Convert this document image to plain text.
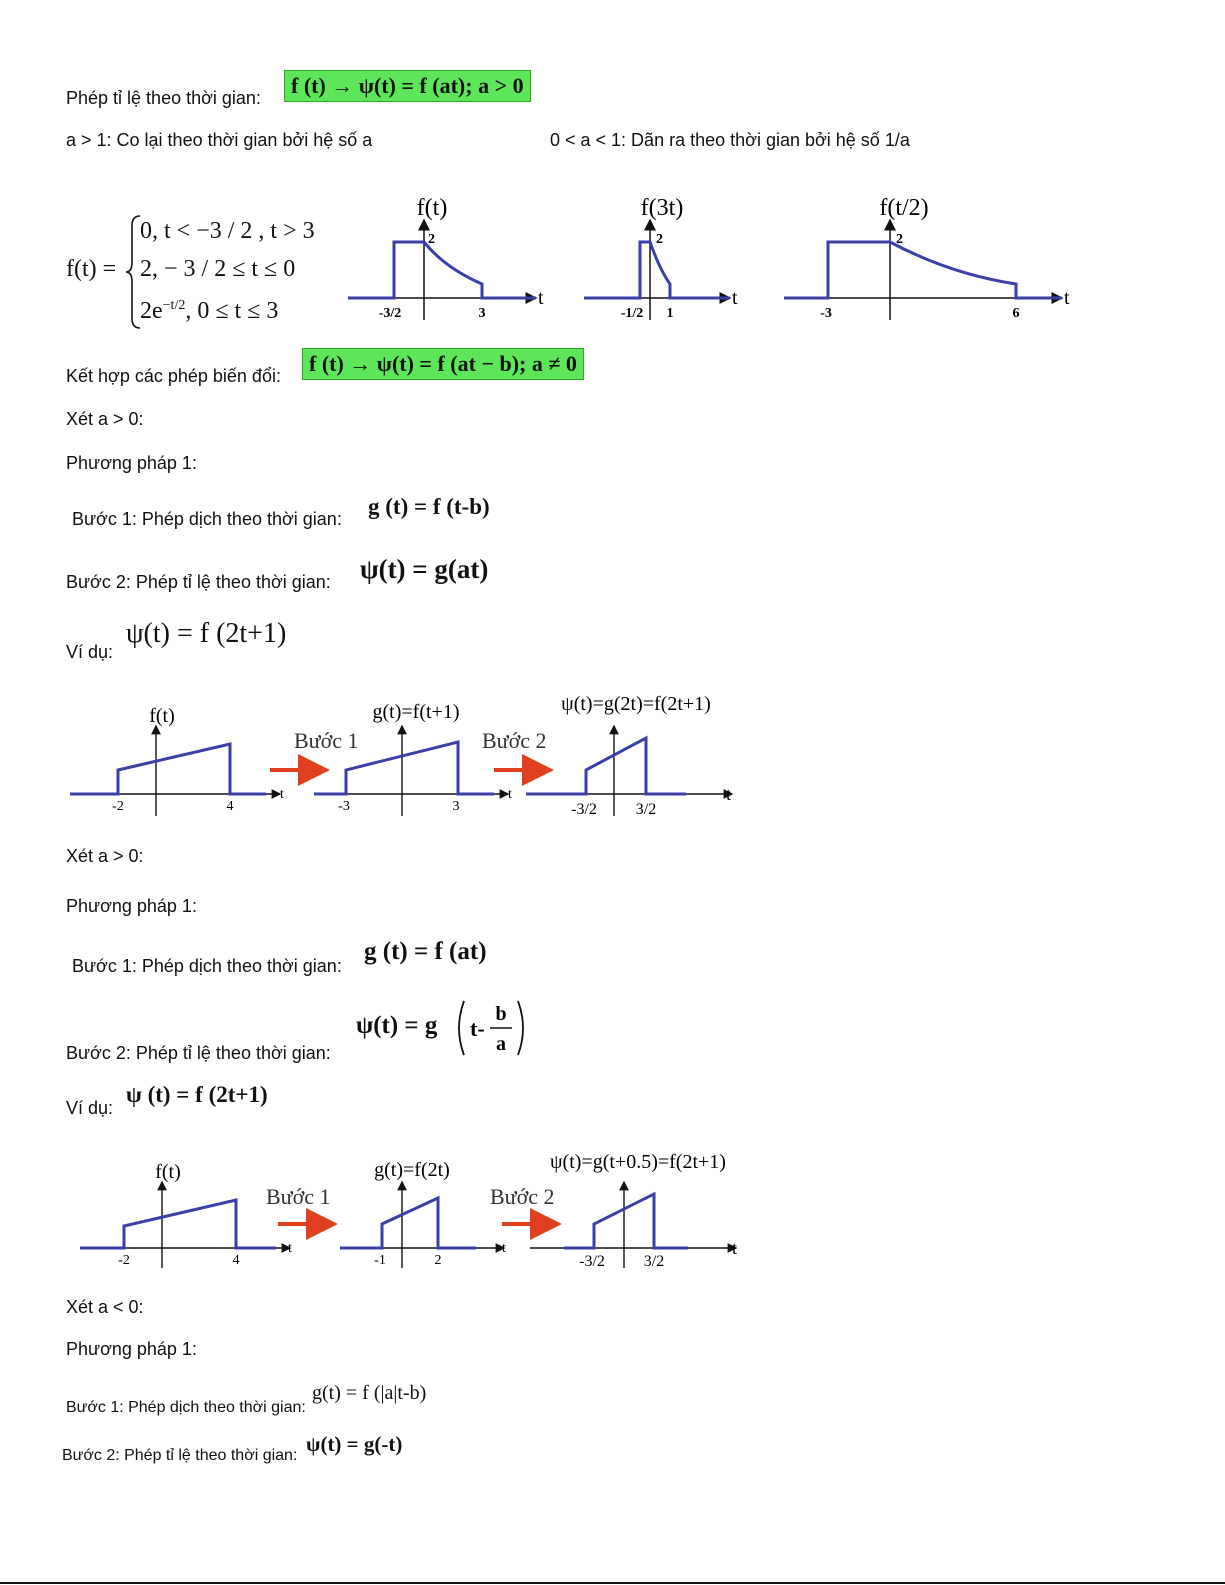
Phép tỉ lệ theo thời gian:	f (t) → ψ(t) = f (at); a > 0
a > 1: Co lại theo thời gian bởi hệ số a	0 < a < 1: Dãn ra theo thời gian bởi hệ số 1/a
f(t) =
0, t < −3 / 2 , t > 3
2, − 3 / 2 ≤ t ≤ 0
$2e^{-t/2}$, 0 ≤ t ≤ 3
f(t)
2
-3/2	3
t
f(3t)
2
-1/2 1
t
f(t/2)
2
-3	6
t
Kết hợp các phép biến đổi:	f (t) → ψ(t) = f (at − b); a ≠ 0
Xét a > 0:
Phương pháp 1:
Bước 1: Phép dịch theo thời gian: g (t) = f (t-b)
Bước 2: Phép tỉ lệ theo thời gian: ψ(t) = g(at)
Ví dụ:
ψ(t) = f (2t+1)
f(t)
-2	4
t
Bước 1
g(t)=f(t+1)
-3	3
t
Bước 2
ψ(t)=g(2t)=f(2t+1)
-3/2 3/2
t
Xét a > 0:
Phương pháp 1:
Bước 1: Phép dịch theo thời gian:
g (t) = f (at)
Bước 2: Phép tỉ lệ theo thời gian:
ψ(t) = g t-
b
a
Ví dụ:
ψ (t) = f (2t+1)
f(t)
-2	4
t
Bước 1
g(t)=f(2t)
-1	2
t
Bước 2
ψ(t)=g(t+0.5)=f(2t+1)
-3/2 3/2
t
Xét a < 0:
Phương pháp 1:
Bước 1: Phép dịch theo thời gian:
g(t) = f (|a|t-b)
Bước 2: Phép tỉ lệ theo thời gian: ψ(t) = g(-t)
